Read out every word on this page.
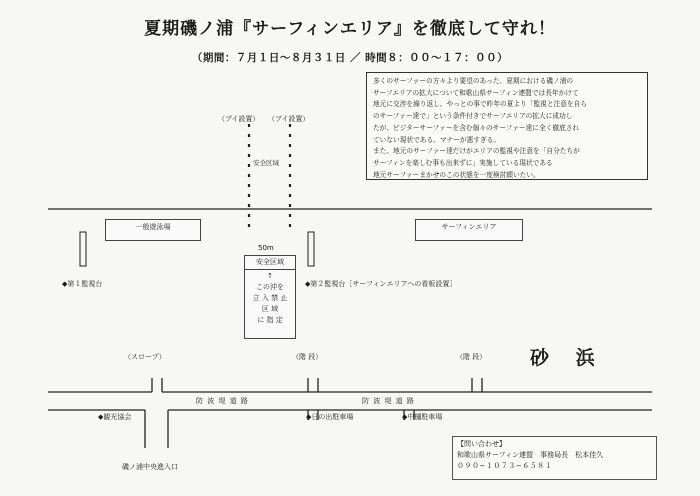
夏期磯ノ浦『サーフィンエリア』を徹底して守れ！
（期間：７月１日〜８月３１日 ／ 時間８：００〜１７：００）

多くのサーファーの方々より要望のあった、夏期における磯ノ浦の

サーフエリアの拡大について和歌山県サーフィン連盟では長年かけて

地元に交渉を繰り返し、やっとの事で昨年の夏より「監視と注意を自ら

のサーファー達で」という条件付きでサーフエリアの拡大に成功し

たが、ビジターサーファーを含む個々のサーファー達に全く徹底され

ていない現状である。マナーが悪すぎる。

また、地元のサーファー達だけがエリアの監視や注意を「自分たちが

サーフィンを楽しむ事も出来ずに」実施している現状である

地元サーファーまかせのこの状態を一度検討願いたい。

（ブイ設置） （ブイ設置）
安全区域
一般遊泳場	サーフィンエリア
50m
安全区域
↑
この沖を
立 入 禁 止
区 域
に 指 定
◆第１監視台	◆第２監視台［サーフィンエリアへの看板設置］
（スロープ）	（階 段）	（階 段） 砂 浜
防 波 堤 道 路	防 波 堤 道 路
◆観光協会	◆日の出駐車場	◆中樋駐車場
磯ノ浦中央進入口
【問い合わせ】
和歌山県サーフィン連盟　事務局長　松本佳久
０９０−１０７３−６５８１
